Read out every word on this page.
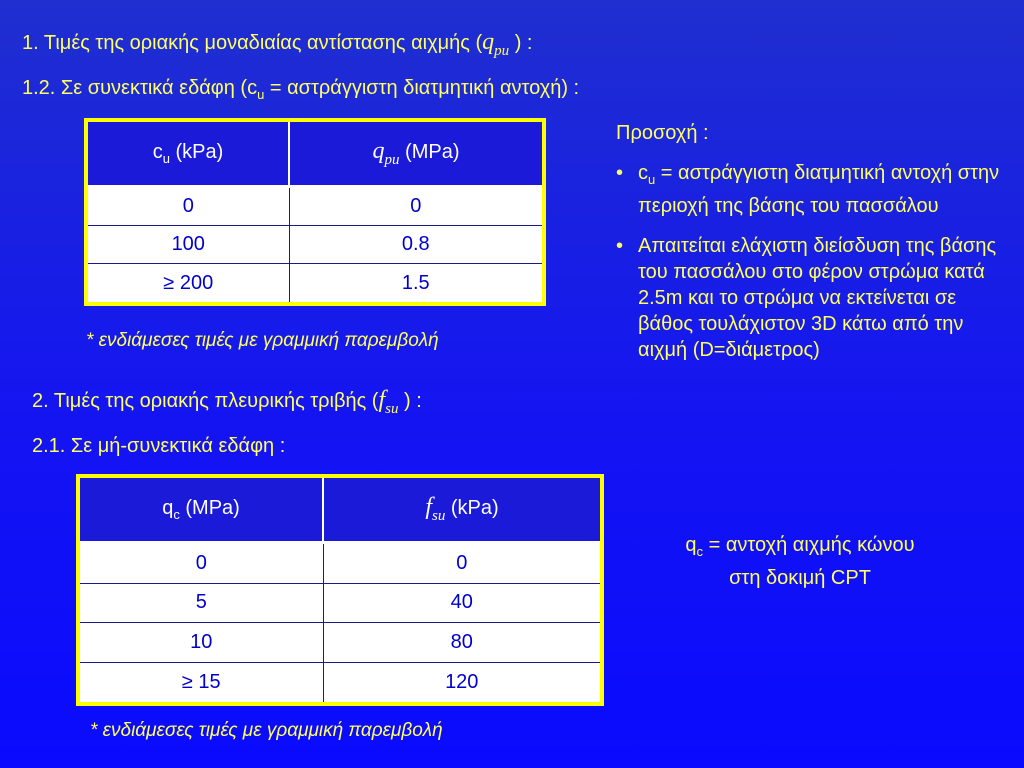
1. Τιμές της οριακής μοναδιαίας αντίστασης αιχμής ($q_{pu}$ ) :
1.2. Σε συνεκτικά εδάφη ($c_u = \alpha\sigma\tau\rho ά\gamma\gamma\iota\sigma\tau\eta$ διατμητική αντοχή) :
$c_u$ (kPa)	$q_{pu}$ (MPa)
0	0
100	0.8
≥ 200	1.5
* ενδιάμεσες τιμές με γραμμική παρεμβολή
Προσοχή :
• $c_u = \alpha\sigma\tau\rho ά\gamma\gamma\iota\sigma\tau\eta$ διατμητική αντοχή στην περιοχή της βάσης του πασσάλου
• Απαιτείται ελάχιστη διείσδυση της βάσης του πασσάλου στο φέρον στρώμα κατά 2.5m και το στρώμα να εκτείνεται σε βάθος τουλάχιστον 3D κάτω από την αιχμή (D=διάμετρος)
2. Τιμές της οριακής πλευρικής τριβής ($f_{su}$ ) :
2.1. Σε μή-συνεκτικά εδάφη :
$q_c$ (MPa)	$f_{su}$ (kPa)
0	0
5	40
10	80
≥ 15	120
* ενδιάμεσες τιμές με γραμμική παρεμβολή
$q_c = \alpha\nu\tau o\chi ή$ αιχμής κώνου
στη δοκιμή CPT
